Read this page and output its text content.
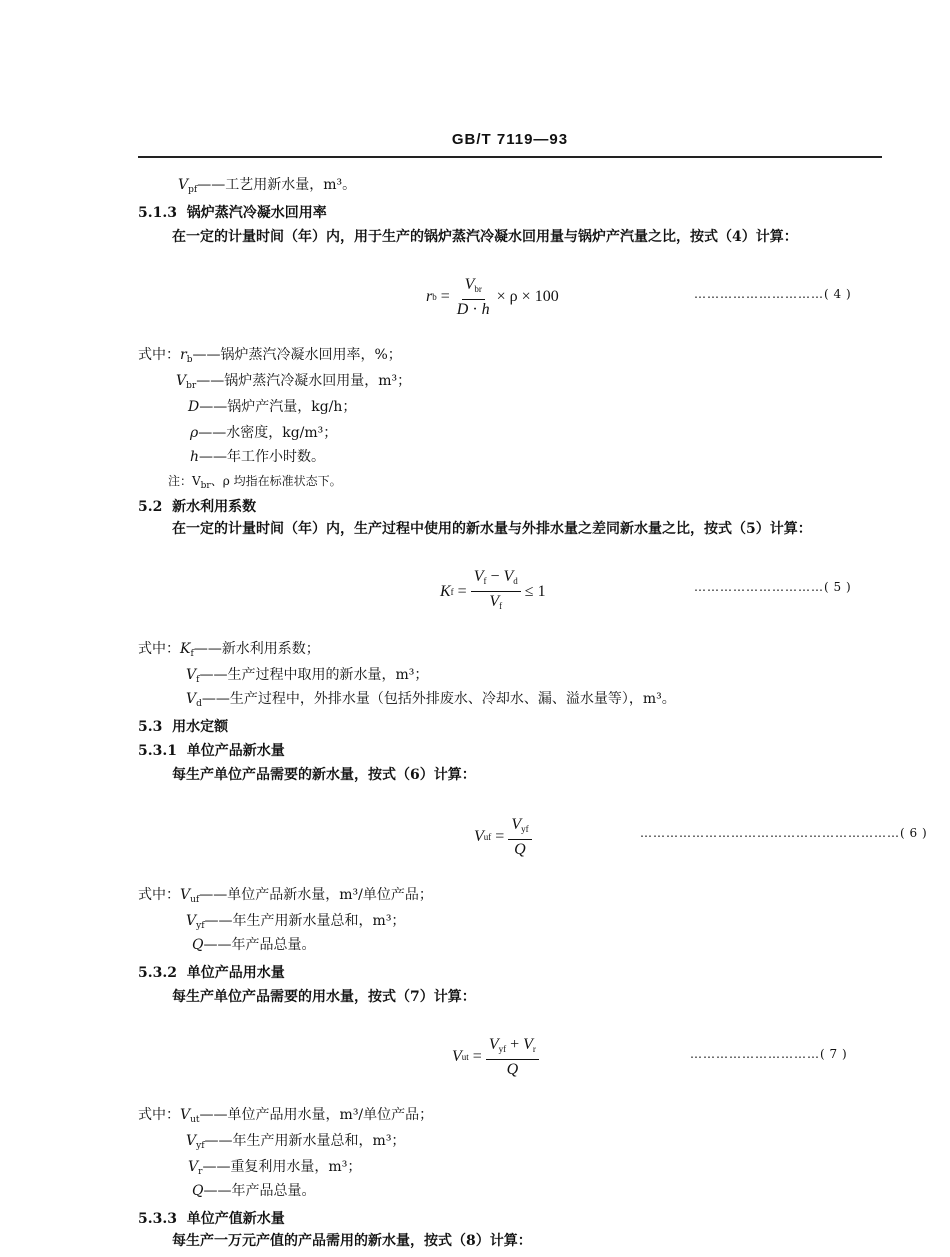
GB/T 7119—93
$V_{pf}——$工艺用新水量，m³。
5.1.3 锅炉蒸汽冷凝水回用率
在一定的计量时间（年）内，用于生产的锅炉蒸汽冷凝水回用量与锅炉产汽量之比，按式（4）计算：
r b
= $\frac{V_{br}}{D \cdot h} \times \rho \times 100$	…………………………( 4 )
式中：$r_b——$锅炉蒸汽冷凝水回用率，%；
$V_{br}——$锅炉蒸汽冷凝水回用量，m³；
D——锅炉产汽量，kg/h；
ρ——水密度，kg/m³；
h——年工作小时数。
注：$V_{br}$、ρ 均指在标准状态下。
5.2 新水利用系数
在一定的计量时间（年）内，生产过程中使用的新水量与外排水量之差同新水量之比，按式（5）计算：
K f
= $\frac{V_f - V_d}{V_f} \le 1$	…………………………( 5 )
式中：$K_f——$新水利用系数；
$V_f——$生产过程中取用的新水量，m³；
$V_d——$生产过程中，外排水量（包括外排废水、冷却水、漏、溢水量等），m³。
5.3 用水定额
5.3.1 单位产品新水量
每生产单位产品需要的新水量，按式（6）计算：
V uf
= $\frac{V_{yf}}{Q}$	……………………………………………………( 6 )
式中：$V_{uf}——$单位产品新水量，m³/单位产品；
$V_{yf}——$年生产用新水量总和，m³；
Q——年产品总量。
5.3.2 单位产品用水量
每生产单位产品需要的用水量，按式（7）计算：
V ut
= $\frac{V_{yf} + V_r}{Q}$	…………………………( 7 )
式中：$V_{ut}——$单位产品用水量，m³/单位产品；
$V_{yf}——$年生产用新水量总和，m³；
$V_r——$重复利用水量，m³；
Q——年产品总量。
5.3.3 单位产值新水量
每生产一万元产值的产品需用的新水量，按式（8）计算：
